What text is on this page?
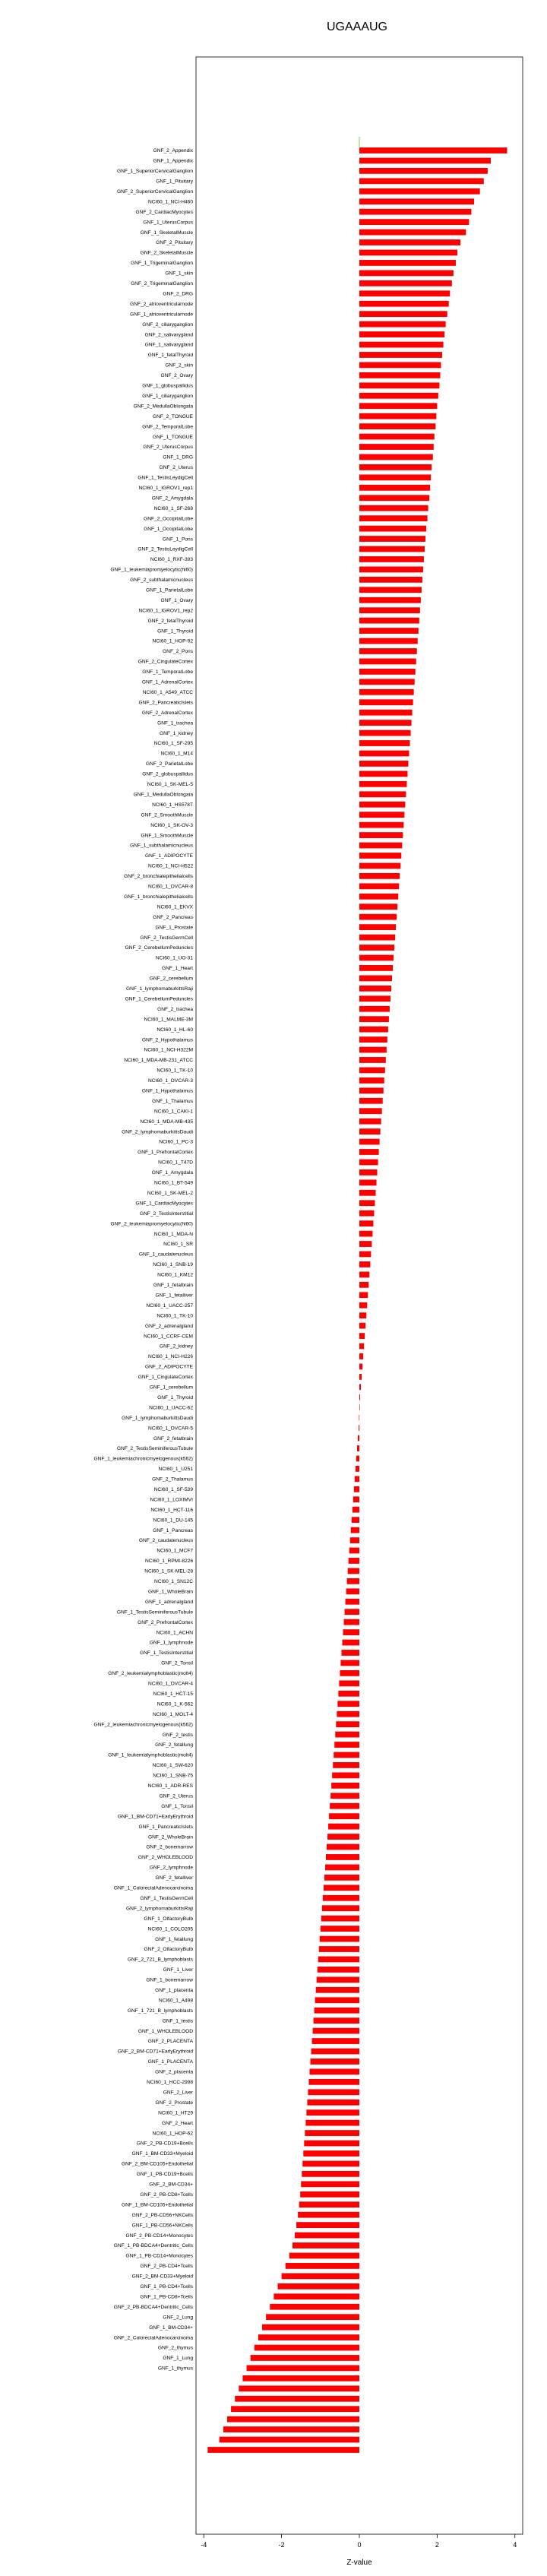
UGAAAUG
-4	-2	0	2	4
GNF_2_Appendix
GNF_1_Appendix
GNF_1_SuperiorCervicalGanglion
GNF_1_Pituitary
GNF_2_SuperiorCervicalGanglion
NCI60_1_NCI-H460
GNF_2_CardiacMyocytes
GNF_1_UterusCorpus
GNF_1_SkeletalMuscle
GNF_2_Pituitary
GNF_2_SkeletalMuscle
GNF_1_TrigeminalGanglion
GNF_1_skin
GNF_2_TrigeminalGanglion
GNF_2_DRG
GNF_2_atrioventricularnode
GNF_1_atrioventricularnode
GNF_2_ciliaryganglion
GNF_2_salivarygland
GNF_1_salivarygland
GNF_1_fetalThyroid
GNF_2_skin
GNF_2_Ovary
GNF_1_globuspallidus
GNF_1_ciliaryganglion
GNF_2_MedullaOblongata
GNF_2_TONGUE
GNF_2_TemporalLobe
GNF_1_TONGUE
GNF_2_UterusCorpus
GNF_1_DRG
GNF_2_Uterus
GNF_1_TestisLeydigCell
NCI60_1_IGROV1_rep1
GNF_2_Amygdala
NCI60_1_SF-268
GNF_2_OccipitalLobe
GNF_1_OccipitalLobe
GNF_1_Pons
GNF_2_TestisLeydigCell
NCI60_1_RXF-393
GNF_1_leukemiapromyelocytic(hl60)
GNF_2_subthalamicnucleus
GNF_1_ParietalLobe
GNF_1_Ovary
NCI60_1_IGROV1_rep2
GNF_2_fetalThyroid
GNF_1_Thyroid
NCI60_1_HOP-92
GNF_2_Pons
GNF_2_CingulateCortex
GNF_1_TemporalLobe
GNF_1_AdrenalCortex
NCI60_1_A549_ATCC
GNF_2_PancreaticIslets
GNF_2_AdrenalCortex
GNF_1_trachea
GNF_1_kidney
NCI60_1_SF-295
NCI60_1_M14
GNF_2_ParietalLobe
GNF_2_globuspallidus
NCI60_1_SK-MEL-5
GNF_1_MedullaOblongata
NCI60_1_HS578T
GNF_2_SmoothMuscle
NCI60_1_SK-OV-3
GNF_1_SmoothMuscle
GNF_1_subthalamicnucleus
GNF_1_ADIPOCYTE
NCI60_1_NCI-H522
GNF_2_bronchialepithelialcells
NCI60_1_OVCAR-8
GNF_1_bronchialepithelialcells
NCI60_1_EKVX
GNF_2_Pancreas
GNF_1_Prostate
GNF_2_TestisGermCell
GNF_2_CerebellumPeduncles
NCI60_1_UO-31
GNF_1_Heart
GNF_2_cerebellum
GNF_1_lymphomaburkittsRaji
GNF_1_CerebellumPeduncles
GNF_2_trachea
NCI60_1_MALME-3M
NCI60_1_HL-60
GNF_2_Hypothalamus
NCI60_1_NCI-H322M
NCI60_1_MDA-MB-231_ATCC
NCI60_1_TK-10
NCI60_1_OVCAR-3
GNF_1_Hypothalamus
GNF_1_Thalamus
NCI60_1_CAKI-1
NCI60_1_MDA-MB-435
GNF_2_lymphomaburkittsDaudi
NCI60_1_PC-3
GNF_1_PrefrontalCortex
NCI60_1_T47D
GNF_1_Amygdala
NCI60_1_BT-549
NCI60_1_SK-MEL-2
GNF_1_CardiacMyocytes
GNF_2_TestisInterstitial
GNF_2_leukemiapromyelocytic(hl60)
NCI60_1_MDA-N
NCI60_1_SR
GNF_1_caudatenucleus
NCI60_1_SNB-19
NCI60_1_KM12
GNF_1_fetalbrain
GNF_1_fetalliver
NCI60_1_UACC-257
NCI60_1_TK-10
GNF_2_adrenalgland
NCI60_1_CCRF-CEM
GNF_2_kidney
NCI60_1_NCI-H226
GNF_2_ADIPOCYTE
GNF_1_CingulateCortex
GNF_1_cerebellum
GNF_1_Thyroid
NCI60_1_UACC-62
GNF_1_lymphomaburkittsDaudi
NCI60_1_OVCAR-5
GNF_2_fetalbrain
GNF_2_TestisSeminiferousTubule
GNF_1_leukemiachronicmyelogenous(k562)
NCI60_1_U251
GNF_2_Thalamus
NCI60_1_SF-539
NCI60_1_LOXIMVI
NCI60_1_HCT-116
NCI60_1_DU-145
GNF_1_Pancreas
GNF_2_caudatenucleus
NCI60_1_MCF7
NCI60_1_RPMI-8226
NCI60_1_SK-MEL-28
NCI60_1_SN12C
GNF_1_WholeBrain
GNF_1_adrenalgland
GNF_1_TestisSeminiferousTubule
GNF_2_PrefrontalCortex
NCI60_1_ACHN
GNF_1_lymphnode
GNF_1_TestisInterstitial
GNF_2_Tonsil
GNF_2_leukemialymphoblastic(molt4)
NCI60_1_OVCAR-4
NCI60_1_HCT-15
NCI60_1_K-562
NCI60_1_MOLT-4
GNF_2_leukemiachronicmyelogenous(k562)
GNF_2_testis
GNF_2_fetallung
GNF_1_leukemialymphoblastic(molt4)
NCI60_1_SW-620
NCI60_1_SNB-75
NCI60_1_ADR-RES
GNF_2_Uterus
GNF_1_Tonsil
GNF_1_BM-CD71+EarlyErythroid
GNF_1_PancreaticIslets
GNF_2_WholeBrain
GNF_2_bonemarrow
GNF_2_WHOLEBLOOD
GNF_2_lymphnode
GNF_2_fetalliver
GNF_1_ColorectalAdenocarcinoma
GNF_1_TestisGermCell
GNF_2_lymphomaburkittsRaji
GNF_1_OlfactoryBulb
NCI60_1_COLO205
GNF_1_fetallung
GNF_2_OlfactoryBulb
GNF_2_721_B_lymphoblasts
GNF_1_Liver
GNF_1_bonemarrow
GNF_1_placenta
NCI60_1_A498
GNF_1_721_B_lymphoblasts
GNF_1_testis
GNF_1_WHOLEBLOOD
GNF_2_PLACENTA
GNF_2_BM-CD71+EarlyErythroid
GNF_1_PLACENTA
GNF_2_placenta
NCI60_1_HCC-2998
GNF_2_Liver
GNF_2_Prostate
NCI60_1_HT29
GNF_2_Heart
NCI60_1_HOP-62
GNF_2_PB-CD19+Bcells
GNF_1_BM-CD33+Myeloid
GNF_2_BM-CD105+Endothelial
GNF_1_PB-CD19+Bcells
GNF_2_BM-CD34+
GNF_2_PB-CD8+Tcells
GNF_1_BM-CD105+Endothelial
GNF_2_PB-CD56+NKCells
GNF_1_PB-CD56+NKCells
GNF_2_PB-CD14+Monocytes
GNF_1_PB-BDCA4+Dentritic_Cells
GNF_1_PB-CD14+Monocytes
GNF_2_PB-CD4+Tcells
GNF_2_BM-CD33+Myeloid
GNF_1_PB-CD4+Tcells
GNF_1_PB-CD8+Tcells
GNF_2_PB-BDCA4+Dentritic_Cells
GNF_2_Lung
GNF_1_BM-CD34+
GNF_2_ColorectalAdenocarcinoma
GNF_2_thymus
GNF_1_Lung
GNF_1_thymus
Z-value
